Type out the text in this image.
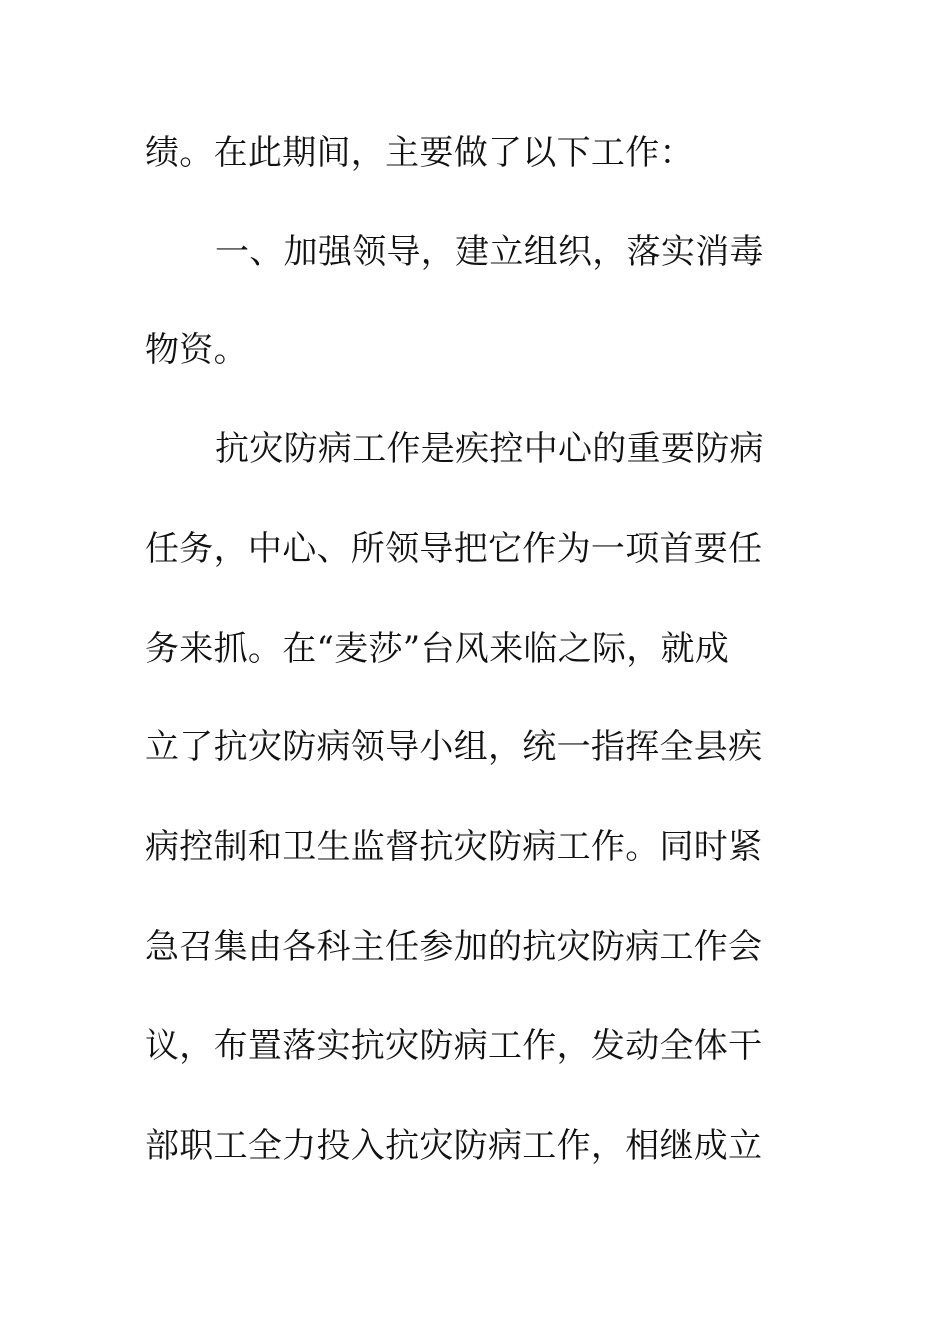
绩。在此期间，主要做了以下工作：
一、加强领导，建立组织，落实消毒
物资。
抗灾防病工作是疾控中心的重要防病
任务，中心、所领导把它作为一项首要任
务来抓。在“麦莎”台风来临之际，就成
立了抗灾防病领导小组，统一指挥全县疾
病控制和卫生监督抗灾防病工作。同时紧
急召集由各科主任参加的抗灾防病工作会
议，布置落实抗灾防病工作，发动全体干
部职工全力投入抗灾防病工作，相继成立
